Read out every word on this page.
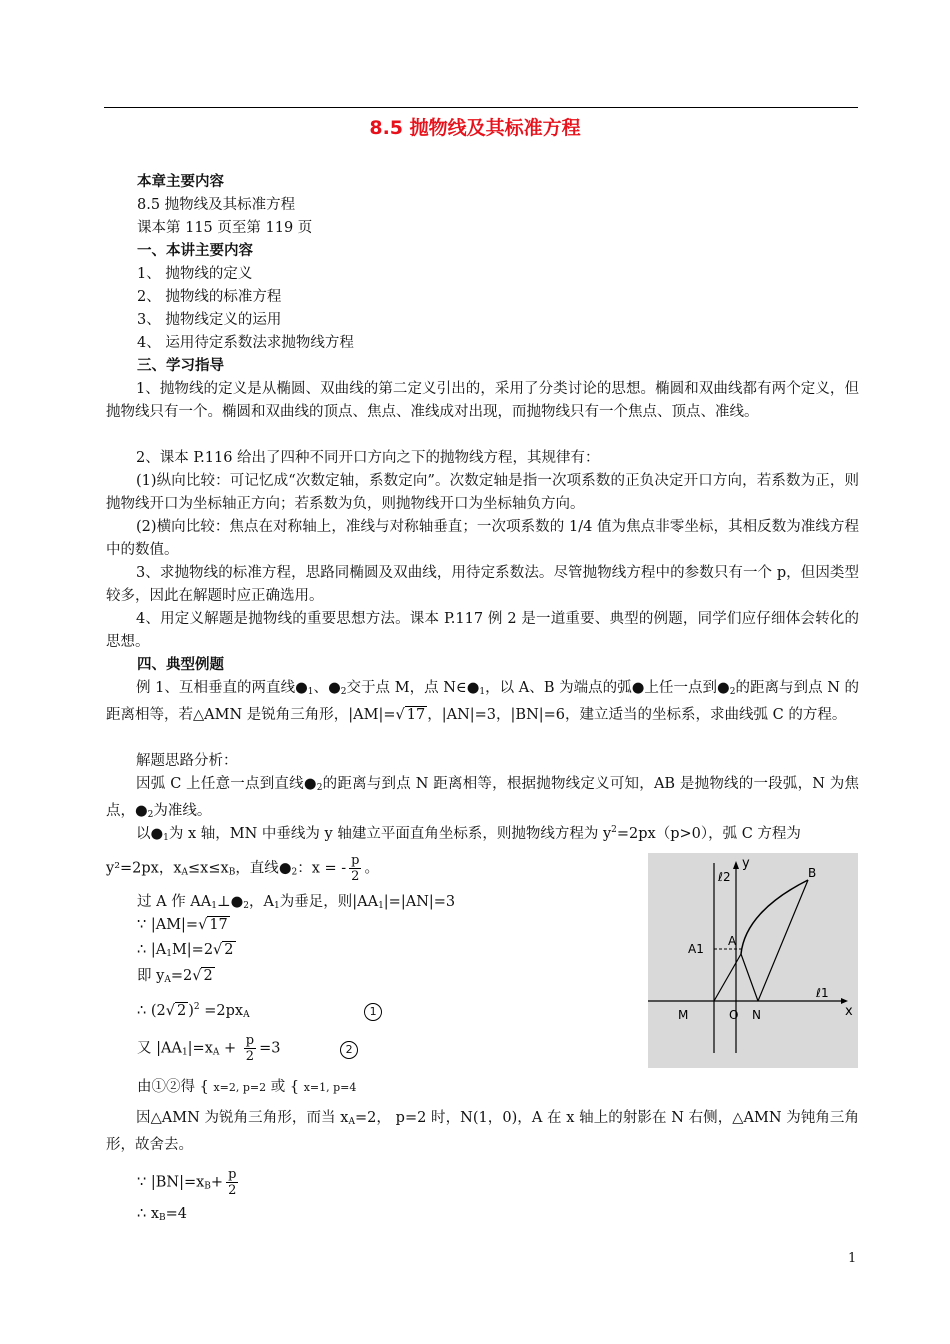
8.5 抛物线及其标准方程
本章主要内容
8.5 抛物线及其标准方程
课本第 115 页至第 119 页
一、本讲主要内容
1、 抛物线的定义
2、 抛物线的标准方程
3、 抛物线定义的运用
4、 运用待定系数法求抛物线方程
三、学习指导
1、抛物线的定义是从椭圆、双曲线的第二定义引出的，采用了分类讨论的思想。椭圆和双曲线都有两个定义，但抛物线只有一个。椭圆和双曲线的顶点、焦点、准线成对出现，而抛物线只有一个焦点、顶点、准线。
2、课本 P.116 给出了四种不同开口方向之下的抛物线方程，其规律有：
(1)纵向比较：可记忆成“次数定轴，系数定向”。次数定轴是指一次项系数的正负决定开口方向，若系数为正，则抛物线开口为坐标轴正方向；若系数为负，则抛物线开口为坐标轴负方向。
(2)横向比较：焦点在对称轴上，准线与对称轴垂直；一次项系数的 1/4 值为焦点非零坐标，其相反数为准线方程中的数值。
3、求抛物线的标准方程，思路同椭圆及双曲线，用待定系数法。尽管抛物线方程中的参数只有一个 p，但因类型较多，因此在解题时应正确选用。
4、用定义解题是抛物线的重要思想方法。课本 P.117 例 2 是一道重要、典型的例题，同学们应仔细体会转化的思想。
四、典型例题
例 1、互相垂直的两直线$●_1$、$●_2$交于点 M，点 $N\in●_1$，以 A、B 为端点的弧●上任一点到$●_2$的距离与到点 N 的距离相等，若△AMN 是锐角三角形，|AM|=√ 17 ，|AN|=3，|BN|=6，建立适当的坐标系，求曲线弧 C 的方程。
解题思路分析：
因弧 C 上任意一点到直线$●_2$的距离与到点 N 距离相等，根据抛物线定义可知，AB 是抛物线的一段弧，N 为焦点，$●_2$为准线。
以$●_1$为 x 轴，MN 中垂线为 y 轴建立平面直角坐标系，则抛物线方程为 $y^2=2px(p>0)$，弧 C 方程为
y²=2px，$x_A\le x\le x_B$，直线$●_2$：x = - $\frac{p}{2}$ 。
过 A 作 $AA_1\perp●_2$，$A_1$为垂足，则$|AA_1|=|AN|=3$
∵ |AM|=√ 17
∴ $|A_1M|=2√$ 2
即 $y_A=2√$ 2
∴ (2√ 2 )$^2 =2px_A$	1
又 $|AA_1|=x_A + \frac{p}{2} =3$	2
由①②得 { x=2, p=2 或 { x=1, p=4
因△AMN 为锐角三角形，而当 $x_A=2$， p=2 时，N(1，0)，A 在 x 轴上的射影在 N 右侧，△AMN 为钝角三角形，故舍去。
∵ $|BN|=x_B+ \frac{p}{2}$
∴ $x_B=4$
y
x
ℓ2
ℓ1
A1
A
B
M	O N
1
